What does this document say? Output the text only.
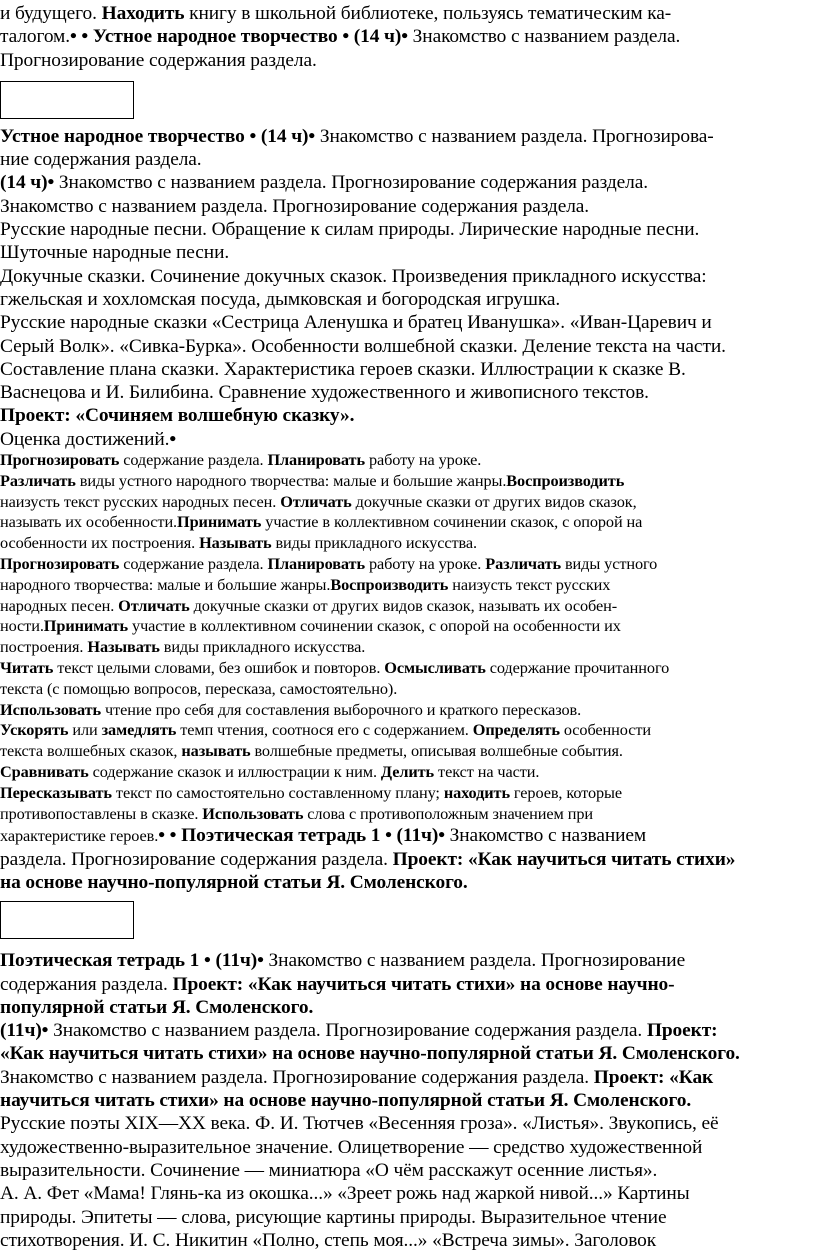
и будущего. Находить книгу в школьной библиотеке, пользуясь тематическим ка-
талогом.• • Устное народное творчество • (14 ч)• Знакомство с названием раздела.
Прогнозирование содержания раздела.

Устное народное творчество • (14 ч)• Знакомство с названием раздела. Прогнозирова-
ние содержания раздела.
(14 ч)• Знакомство с названием раздела. Прогнозирование содержания раздела.
Знакомство с названием раздела. Прогнозирование содержания раздела.
Русские народные песни. Обращение к силам природы. Лирические народные песни.
Шуточные народные песни.
Докучные сказки. Сочинение докучных сказок. Произведения прикладного искусства:
гжельская и хохломская посуда, дымковская и богородская игрушка.
Русские народные сказки «Сестрица Аленушка и братец Иванушка». «Иван-Царевич и
Серый Волк». «Сивка-Бурка». Особенности волшебной сказки. Деление текста на части.
Составление плана сказки. Характеристика героев сказки. Иллюстрации к сказке В.
Васнецова и И. Билибина. Сравнение художественного и живописного текстов.
Проект: «Сочиняем волшебную сказку».
Оценка достижений.•

Прогнозировать содержание раздела. Планировать работу на уроке.
Различать виды устного народного творчества: малые и большие жанры.Воспроизводить
наизусть текст русских народных песен. Отличать докучные сказки от других видов сказок,
называть их особенности.Принимать участие в коллективном сочинении сказок, с опорой на
особенности их построения. Называть виды прикладного искусства.

Прогнозировать содержание раздела. Планировать работу на уроке. Различать виды устного
народного творчества: малые и большие жанры.Воспроизводить наизусть текст русских
народных песен. Отличать докучные сказки от других видов сказок, называть их особен-
ности.Принимать участие в коллективном сочинении сказок, с опорой на особенности их
построения. Называть виды прикладного искусства.

Читать текст целыми словами, без ошибок и повторов. Осмысливать содержание прочитанного
текста (с помощью вопросов, пересказа, самостоятельно).
Использовать чтение про себя для составления выборочного и краткого пересказов.
Ускорять или замедлять темп чтения, соотнося его с содержанием. Определять особенности
текста волшебных сказок, называть волшебные предметы, описывая волшебные события.
Сравнивать содержание сказок и иллюстрации к ним. Делить текст на части.
Пересказывать текст по самостоятельно составленному плану; находить героев, которые
противопоставлены в сказке. Использовать слова с противоположным значением при
характеристике героев.• • Поэтическая тетрадь 1 • (11ч)• Знакомство с названием
раздела. Прогнозирование содержания раздела. Проект: «Как научиться читать стихи»
на основе научно-популярной статьи Я. Смоленского.

Поэтическая тетрадь 1 • (11ч)• Знакомство с названием раздела. Прогнозирование
содержания раздела. Проект: «Как научиться читать стихи» на основе научно-
популярной статьи Я. Смоленского.
(11ч)• Знакомство с названием раздела. Прогнозирование содержания раздела. Проект:
«Как научиться читать стихи» на основе научно-популярной статьи Я. Смоленского.
Знакомство с названием раздела. Прогнозирование содержания раздела. Проект: «Как
научиться читать стихи» на основе научно-популярной статьи Я. Смоленского.
Русские поэты XIX—XX века. Ф. И. Тютчев «Весенняя гроза». «Листья». Звукопись, её
художественно-выразительное значение. Олицетворение — средство художественной
выразительности. Сочинение — миниатюра «О чём расскажут осенние листья».
А. А. Фет «Мама! Глянь-ка из окошка...» «Зреет рожь над жаркой нивой...» Картины
природы. Эпитеты — слова, рисующие картины природы. Выразительное чтение
стихотворения. И. С. Никитин «Полно, степь моя...» «Встреча зимы». Заголовок
